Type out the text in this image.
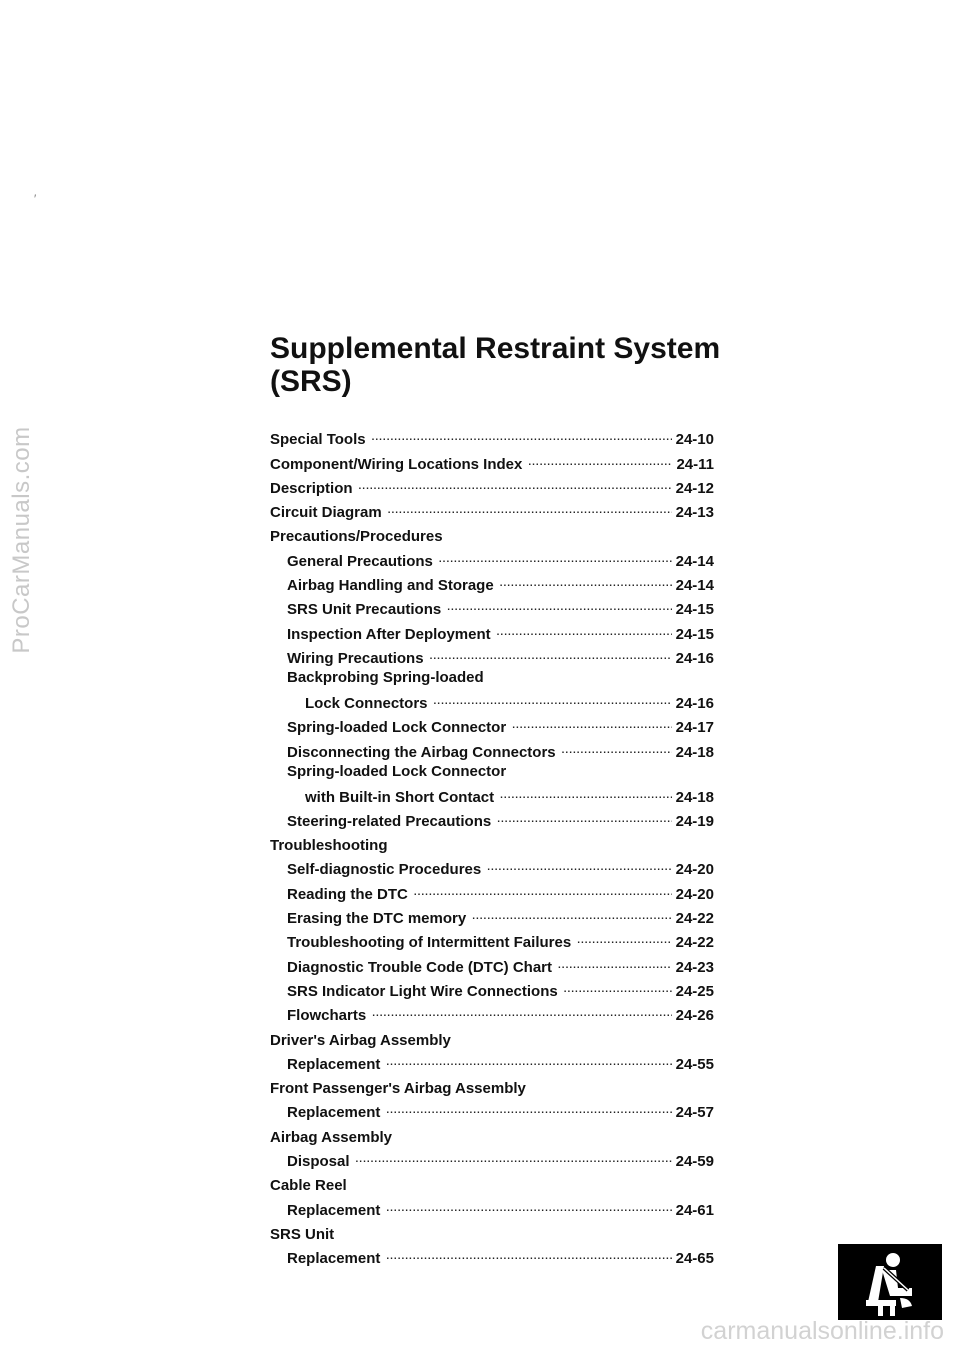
ProCarManuals.com
′
Supplemental Restraint System
(SRS)
Special Tools .....	24-10
Component/Wiring Locations Index .....	24-11
Description .....	24-12
Circuit Diagram .....	24-13
Precautions/Procedures
General Precautions .....	24-14
Airbag Handling and Storage .....	24-14
SRS Unit Precautions .....	24-15
Inspection After Deployment .....	24-15
Wiring Precautions .....	24-16
Backprobing Spring-loaded
Lock Connectors .....	24-16
Spring-loaded Lock Connector .....	24-17
Disconnecting the Airbag Connectors .....	24-18
Spring-loaded Lock Connector
with Built-in Short Contact .....	24-18
Steering-related Precautions .....	24-19
Troubleshooting
Self-diagnostic Procedures .....	24-20
Reading the DTC .....	24-20
Erasing the DTC memory .....	24-22
Troubleshooting of Intermittent Failures .....	24-22
Diagnostic Trouble Code (DTC) Chart .....	24-23
SRS Indicator Light Wire Connections .....	24-25
Flowcharts .....	24-26
Driver's Airbag Assembly
Replacement .....	24-55
Front Passenger's Airbag Assembly
Replacement .....	24-57
Airbag Assembly
Disposal .....	24-59
Cable Reel
Replacement .....	24-61
SRS Unit
Replacement .....	24-65
carmanualsonline.info
